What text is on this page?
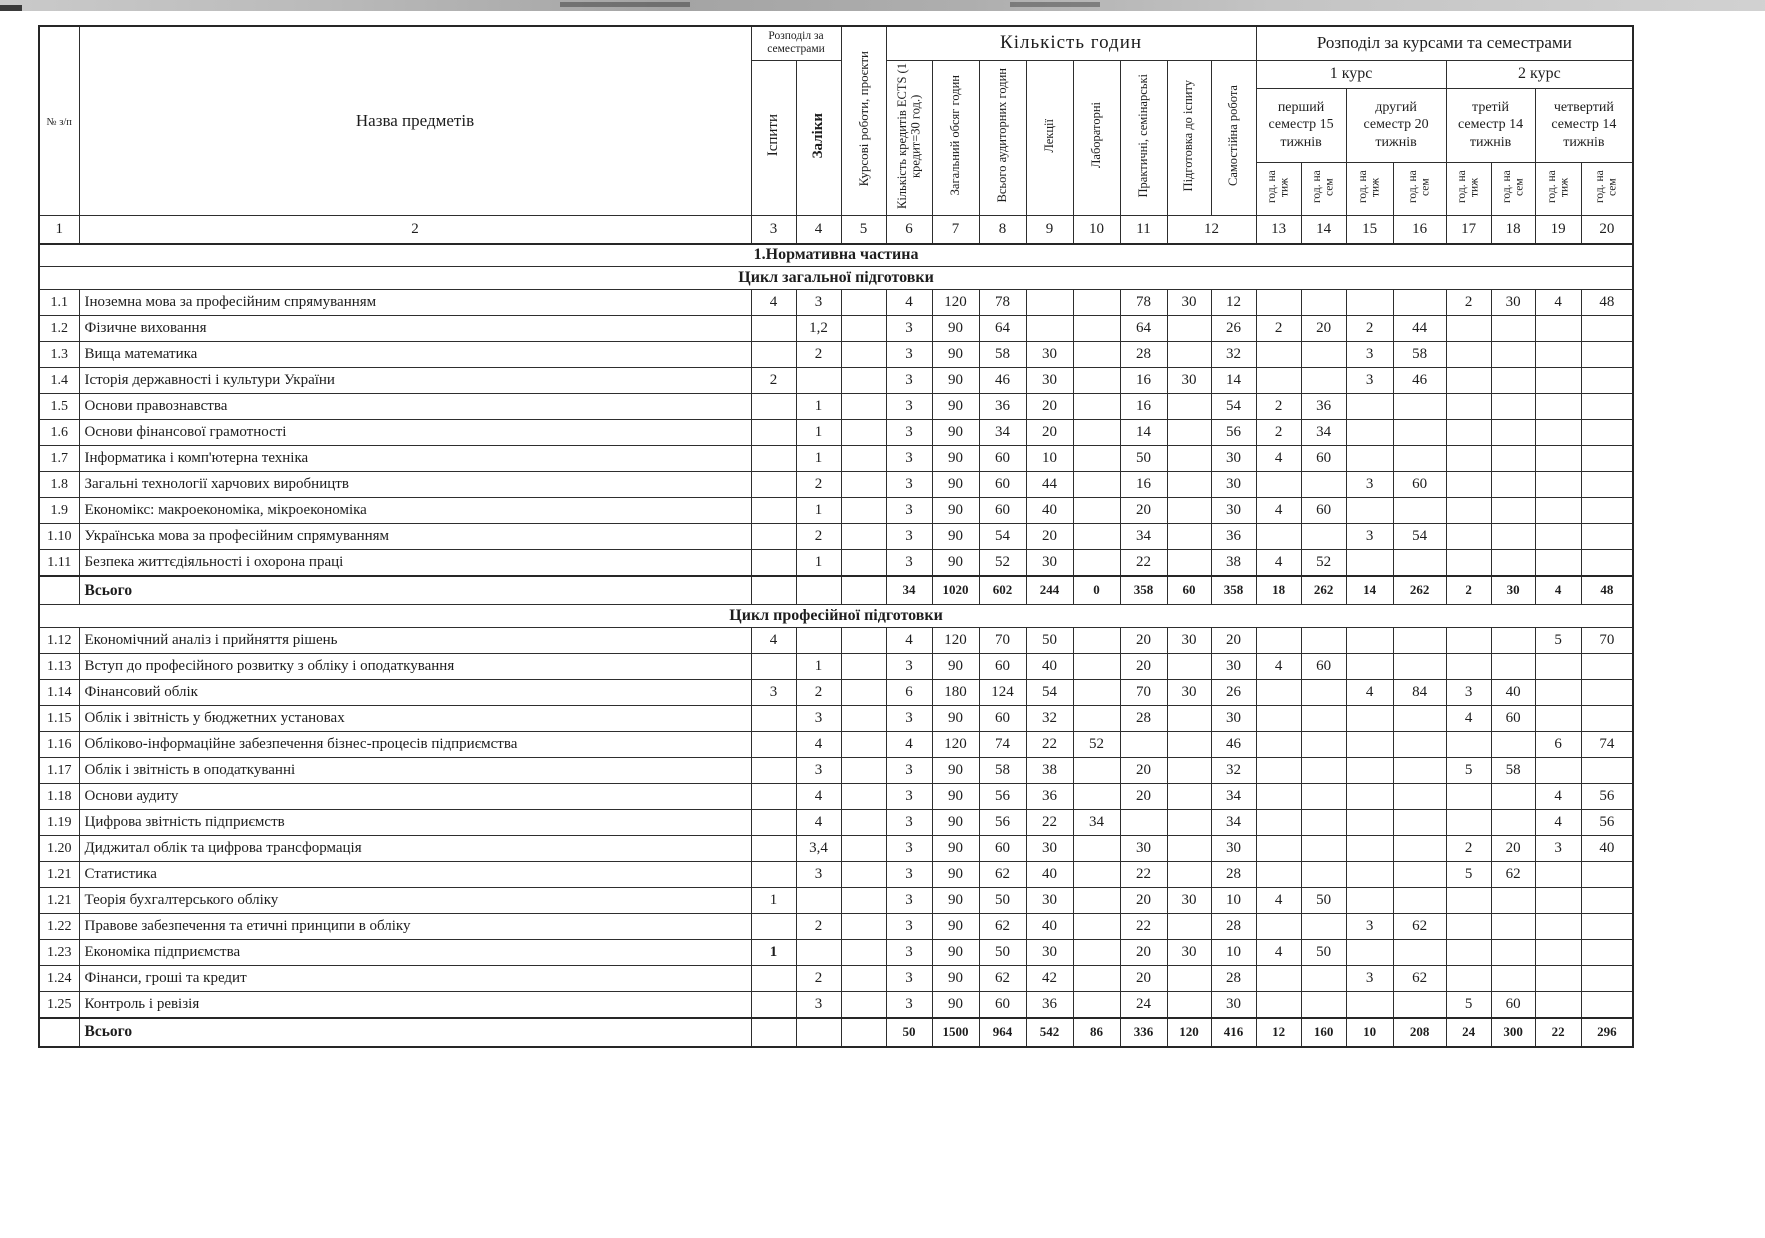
№ з/п	Назва предметів	Розподіл за семестрами		Курсові роботи, проєкти	Кількість годин								Розподіл за курсами та семестрами							
		Іспити	Заліки		Кількість кредитів ECTS (1 кредит=30 год.)	Загальний обсяг годин	Всього аудиторних годин	Лекції	Лабораторні	Практичні, семінарські	Підготовка до іспиту	Самостійна робота	1 курс				2 курс			
													перший семестр 15 тижнів		другий семестр 20 тижнів		третій семестр 14 тижнів		четвертий семестр 14 тижнів	
													год. на тиж	год. на сем	год. на тиж	год. на сем	год. на тиж	год. на сем	год. на тиж	год. на сем
1	2	3	4	5	6	7	8	9	10	11	12		13	14	15	16	17	18	19	20
1.Нормативна частина																				
Цикл загальної підготовки																				
1.1	Іноземна мова за професійним спрямуванням	4	3		4	120	78			78	30	12					2	30	4	48
1.2	Фізичне виховання		1,2		3	90	64			64		26	2	20	2	44				
1.3	Вища математика		2		3	90	58	30		28		32			3	58				
1.4	Історія державності і культури України	2			3	90	46	30		16	30	14			3	46				
1.5	Основи правознавства		1		3	90	36	20		16		54	2	36						
1.6	Основи фінансової грамотності		1		3	90	34	20		14		56	2	34						
1.7	Інформатика і комп'ютерна техніка		1		3	90	60	10		50		30	4	60						
1.8	Загальні технології харчових виробництв		2		3	90	60	44		16		30			3	60				
1.9	Економікс: макроекономіка, мікроекономіка		1		3	90	60	40		20		30	4	60						
1.10	Українська мова за професійним спрямуванням		2		3	90	54	20		34		36			3	54				
1.11	Безпека життєдіяльності і охорона праці		1		3	90	52	30		22		38	4	52						
	Всього				34	1020	602	244	0	358	60	358	18	262	14	262	2	30	4	48
Цикл професійної підготовки																				
1.12	Економічний аналіз і прийняття рішень	4			4	120	70	50		20	30	20							5	70
1.13	Вступ до професійного розвитку з обліку і оподаткування		1		3	90	60	40		20		30	4	60						
1.14	Фінансовий облік	3	2		6	180	124	54		70	30	26			4	84	3	40		
1.15	Облік і звітність у бюджетних установах		3		3	90	60	32		28		30					4	60		
1.16	Обліково-інформаційне забезпечення бізнес-процесів підприємства		4		4	120	74	22	52			46							6	74
1.17	Облік і звітність в оподаткуванні		3		3	90	58	38		20		32					5	58		
1.18	Основи аудиту		4		3	90	56	36		20		34							4	56
1.19	Цифрова звітність підприємств		4		3	90	56	22	34			34							4	56
1.20	Диджитал облік та цифрова трансформація		3,4		3	90	60	30		30		30					2	20	3	40
1.21	Статистика		3		3	90	62	40		22		28					5	62		
1.21	Теорія бухгалтерського обліку	1			3	90	50	30		20	30	10	4	50						
1.22	Правове забезпечення та етичні принципи в обліку		2		3	90	62	40		22		28			3	62				
1.23	Економіка підприємства	1			3	90	50	30		20	30	10	4	50						
1.24	Фінанси, гроші та кредит		2		3	90	62	42		20		28			3	62				
1.25	Контроль і ревізія		3		3	90	60	36		24		30					5	60		
	Всього				50	1500	964	542	86	336	120	416	12	160	10	208	24	300	22	296
